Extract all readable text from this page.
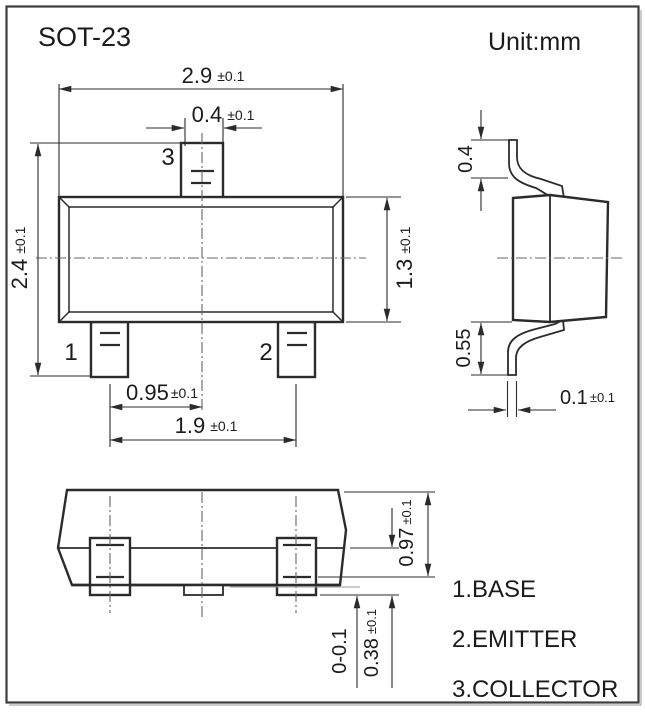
SOT-23	Unit:mm
1	2
3
2.9 ±0.1
0.4 ±0.1
2.4±0.1
1.3±0.1
0.95 ±0.1
1.9 ±0.1
0.4
0.55
0.1 ±0.1
0.97±0.1
0.38±0.1
0-0.1
1.BASE
2.EMITTER
3.COLLECTOR
